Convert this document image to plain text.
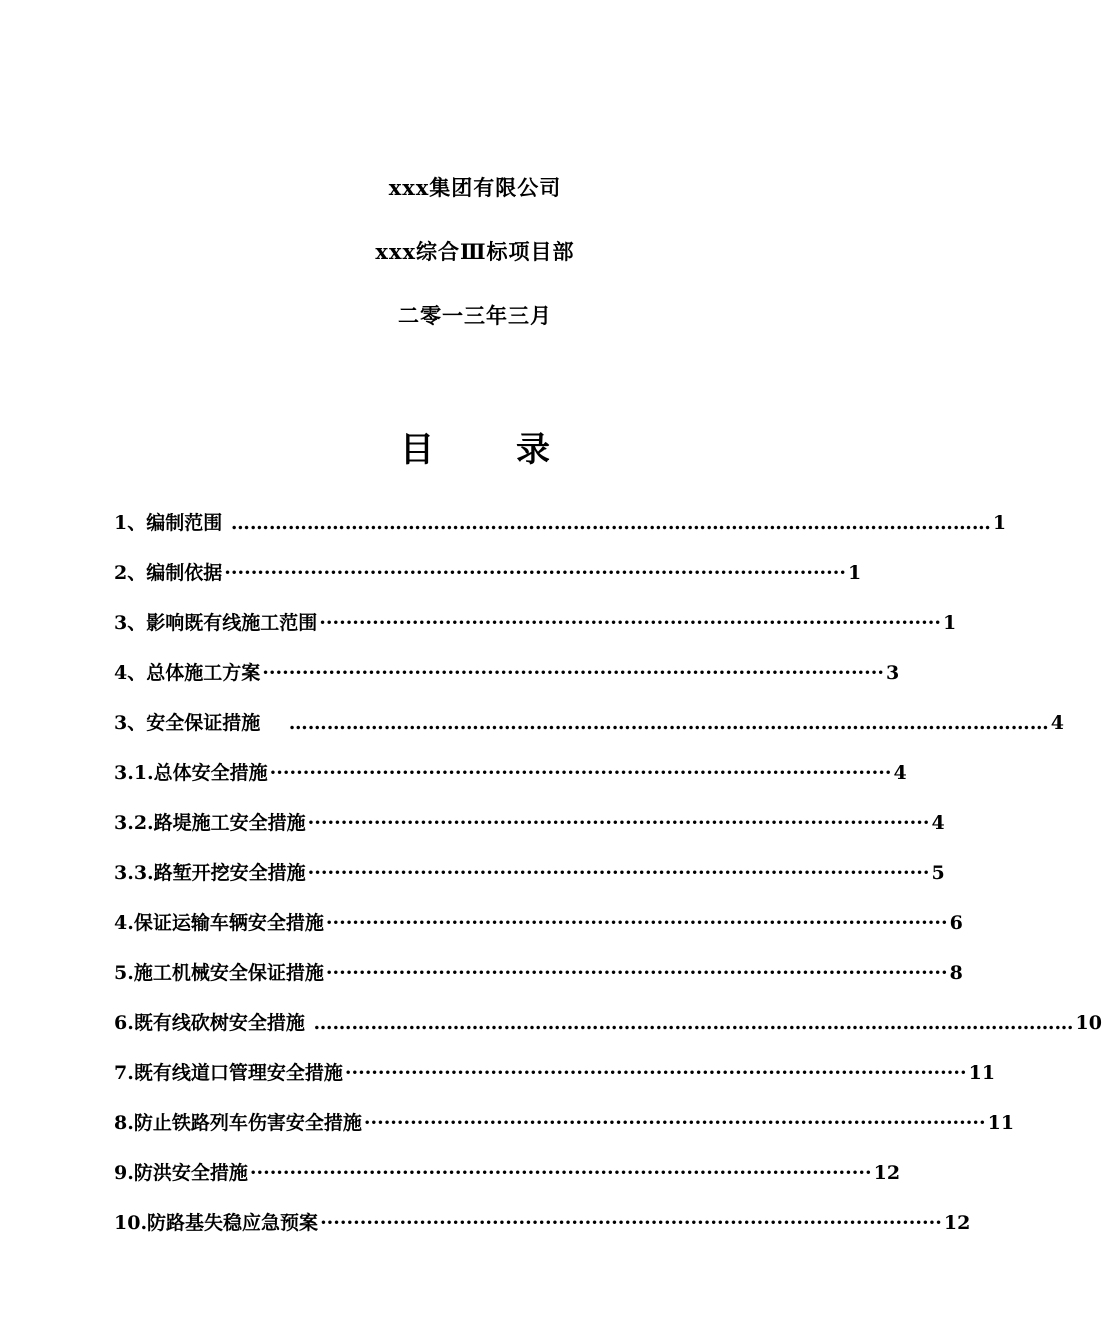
xxx集团有限公司
xxx综合Ⅲ标项目部
二零一三年三月
目 录
1、编制范围 ………………………………………………………………………………………………………… 1
2、编制依据 ······························································································ 1
3、影响既有线施工范围 ······························································································ 1
4、总体施工方案 ······························································································ 3
3、安全保证措施 ………………………………………………………………………………………………………… 4
3.1.总体安全措施 ······························································································ 4
3.2.路堤施工安全措施 ······························································································ 4
3.3.路堑开挖安全措施 ······························································································ 5
4.保证运输车辆安全措施 ······························································································ 6
5.施工机械安全保证措施 ······························································································ 8
6.既有线砍树安全措施 ………………………………………………………………………………………………………… 10
7.既有线道口管理安全措施 ······························································································ 11
8.防止铁路列车伤害安全措施 ······························································································ 11
9.防洪安全措施 ······························································································ 12
10.防路基失稳应急预案 ······························································································ 12
